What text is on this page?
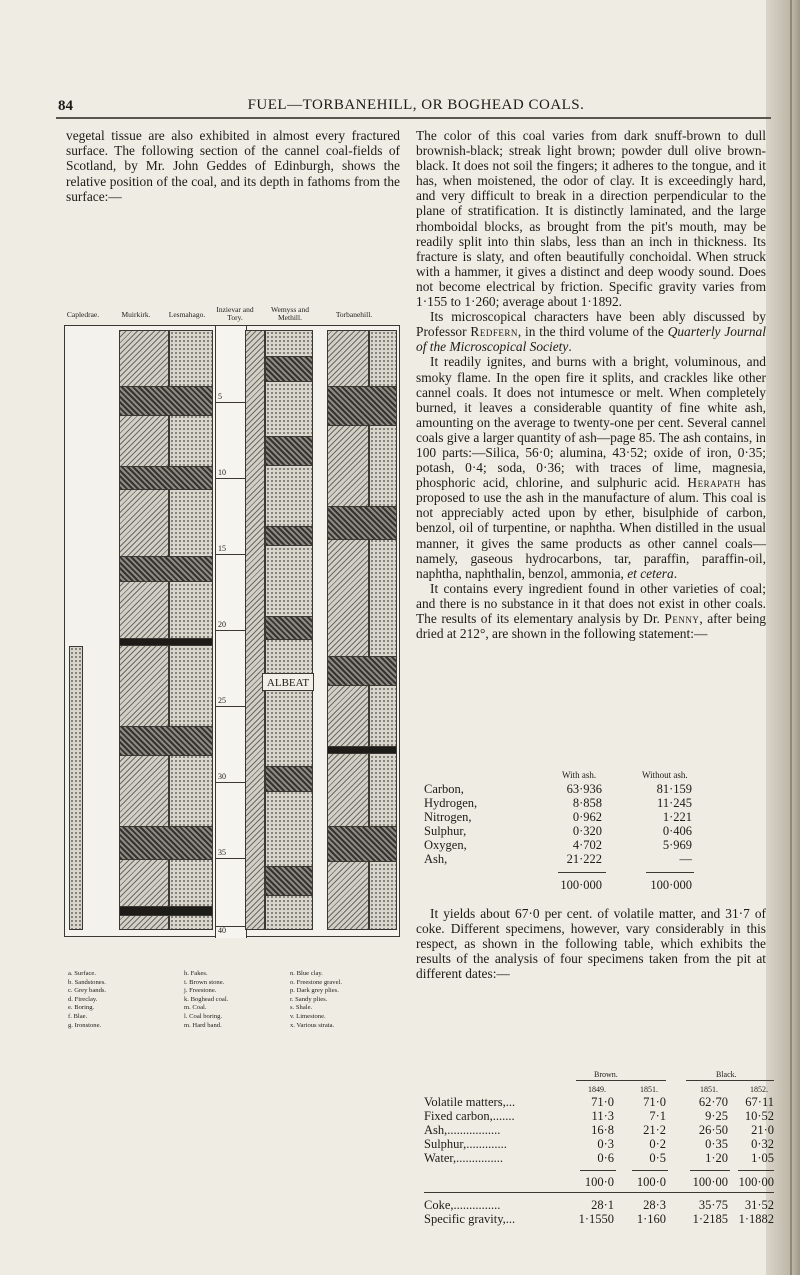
84	FUEL—TORBANEHILL, OR BOGHEAD COALS.

vegetal tissue are also exhibited in almost every fractured surface. The following section of the cannel coal-fields of Scotland, by Mr. John Geddes of Edinburgh, shows the relative position of the coal, and its depth in fathoms from the surface:—

Capledrae.	Muirkirk.	Lesmahago.
Inzievar and Tory.
Wemyss and Methill.	Torbanehill.
5
10
15
20
25
30
35
40
ALBEAT
a. Surface.
b. Sandstones.
c. Grey bands.
d. Fireclay.
e. Boring.
f. Blae.
g. Ironstone.
h. Fakes.
i. Brown stone.
j. Freestone.
k. Boghead coal.
m. Coal.
l. Coal boring.
m. Hard band.
n. Blue clay.
o. Freestone gravel.
p. Dark grey plies.
r. Sandy plies.
s. Shale.
v. Limestone.
x. Various strata.

The color of this coal varies from dark snuff-brown to dull brownish-black; streak light brown; powder dull olive brown-black. It does not soil the fingers; it adheres to the tongue, and it has, when moistened, the odor of clay. It is exceedingly hard, and very difficult to break in a direction perpendicular to the plane of stratification. It is distinctly laminated, and the large rhomboidal blocks, as brought from the pit's mouth, may be readily split into thin slabs, less than an inch in thickness. Its fracture is slaty, and often beautifully conchoidal. When struck with a hammer, it gives a distinct and deep woody sound. Does not become electrical by friction. Specific gravity varies from 1·155 to 1·260; average about 1·1892.

Its microscopical characters have been ably discussed by Professor Redfern, in the third volume of the Quarterly Journal of the Microscopical Society.

It readily ignites, and burns with a bright, voluminous, and smoky flame. In the open fire it splits, and crackles like other cannel coals. It does not intumesce or melt. When completely burned, it leaves a considerable quantity of fine white ash, amounting on the average to twenty-one per cent. Several cannel coals give a larger quantity of ash—page 85. The ash contains, in 100 parts:—Silica, 56·0; alumina, 43·52; oxide of iron, 0·35; potash, 0·4; soda, 0·36; with traces of lime, magnesia, phosphoric acid, chlorine, and sulphuric acid. Herapath has proposed to use the ash in the manufacture of alum. This coal is not appreciably acted upon by ether, bisulphide of carbon, benzol, oil of turpentine, or naphtha. When distilled in the usual manner, it gives the same products as other cannel coals—namely, gaseous hydrocarbons, tar, paraffin, paraffin-oil, naphtha, naphthalin, benzol, ammonia, et cetera.

It contains every ingredient found in other varieties of coal; and there is no substance in it that does not exist in other coals. The results of its elementary analysis by Dr. Penny, after being dried at 212°, are shown in the following statement:—

With ash.	Without ash.
Carbon,	63·936	81·159
Hydrogen,	8·858	11·245
Nitrogen,	0·962	1·221
Sulphur,	0·320	0·406
Oxygen,	4·702	5·969
Ash,	21·222	—
100·000	100·000
It yields about 67·0 per cent. of volatile matter, and 31·7 of coke. Different specimens, however, vary considerably in this respect, as shown in the following table, which exhibits the results of the analysis of four specimens taken from the pit at different dates:—
Brown.	Black.
1849.	1851.	1851.	1852.
Volatile matters,...	71·0	71·0	62·70	67·11
Fixed carbon,.......	11·3	7·1	9·25	10·52
Ash,.................	16·8	21·2	26·50	21·0
Sulphur,.............	0·3	0·2	0·35	0·32
Water,...............	0·6	0·5	1·20	1·05
100·0	100·0	100·00 100·00
Coke,...............	28·1	28·3	35·75	31·52
Specific gravity,...	1·1550	1·160	1·2185 1·1882
